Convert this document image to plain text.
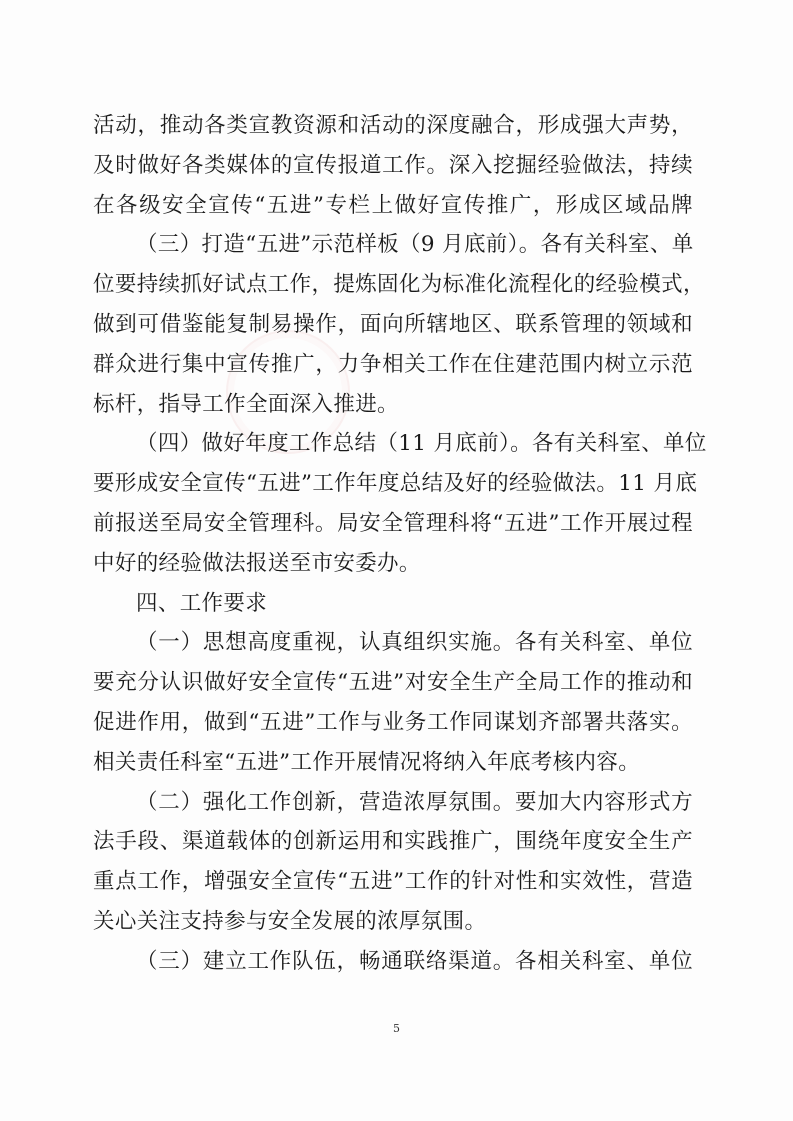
活动，推动各类宣教资源和活动的深度融合，形成强大声势，
及时做好各类媒体的宣传报道工作。深入挖掘经验做法，持续
在各级安全宣传“五进”专栏上做好宣传推广，形成区域品牌
（三）打造“五进”示范样板（9 月底前）。各有关科室、单
位要持续抓好试点工作，提炼固化为标准化流程化的经验模式，
做到可借鉴能复制易操作，面向所辖地区、联系管理的领域和
群众进行集中宣传推广，力争相关工作在住建范围内树立示范
标杆，指导工作全面深入推进。
（四）做好年度工作总结（11 月底前）。各有关科室、单位
要形成安全宣传“五进”工作年度总结及好的经验做法。11 月底
前报送至局安全管理科。局安全管理科将“五进”工作开展过程
中好的经验做法报送至市安委办。
四、工作要求
（一）思想高度重视，认真组织实施。各有关科室、单位
要充分认识做好安全宣传“五进”对安全生产全局工作的推动和
促进作用，做到“五进”工作与业务工作同谋划齐部署共落实。
相关责任科室“五进”工作开展情况将纳入年底考核内容。
（二）强化工作创新，营造浓厚氛围。要加大内容形式方
法手段、渠道载体的创新运用和实践推广，围绕年度安全生产
重点工作，增强安全宣传“五进”工作的针对性和实效性，营造
关心关注支持参与安全发展的浓厚氛围。
（三）建立工作队伍，畅通联络渠道。各相关科室、单位
5
